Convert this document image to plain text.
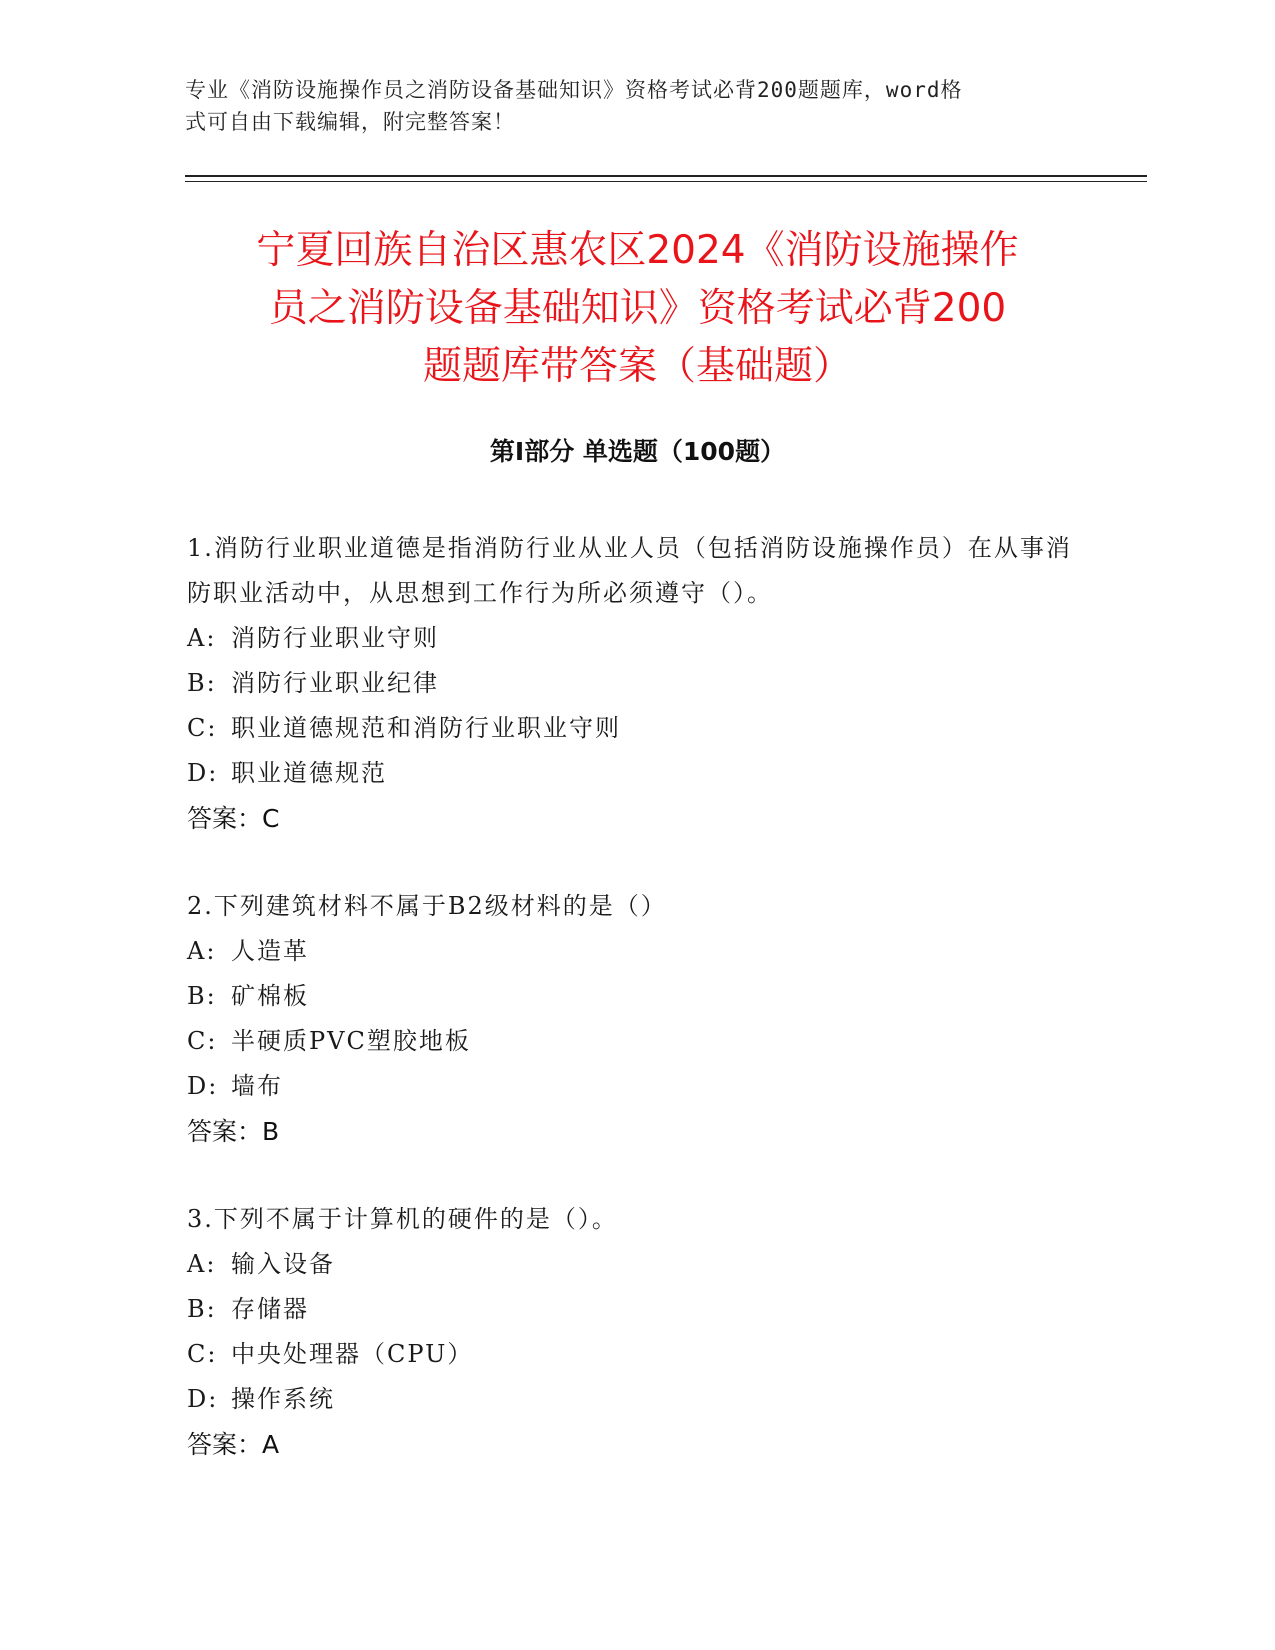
专业《消防设施操作员之消防设备基础知识》资格考试必背200题题库，word格
式可自由下载编辑，附完整答案！
宁夏回族自治区惠农区2024《消防设施操作
员之消防设备基础知识》资格考试必背200
题题库带答案（基础题）
第Ⅰ部分 单选题（100题）
1.消防行业职业道德是指消防行业从业人员（包括消防设施操作员）在从事消防职业活动中，从思想到工作行为所必须遵守（）。
A: 消防行业职业守则
B: 消防行业职业纪律
C: 职业道德规范和消防行业职业守则
D: 职业道德规范
答案：C
2.下列建筑材料不属于B2级材料的是（）
A: 人造革
B: 矿棉板
C: 半硬质PVC塑胶地板
D: 墙布
答案：B
3.下列不属于计算机的硬件的是（）。
A: 输入设备
B: 存储器
C: 中央处理器（CPU）
D: 操作系统
答案：A
